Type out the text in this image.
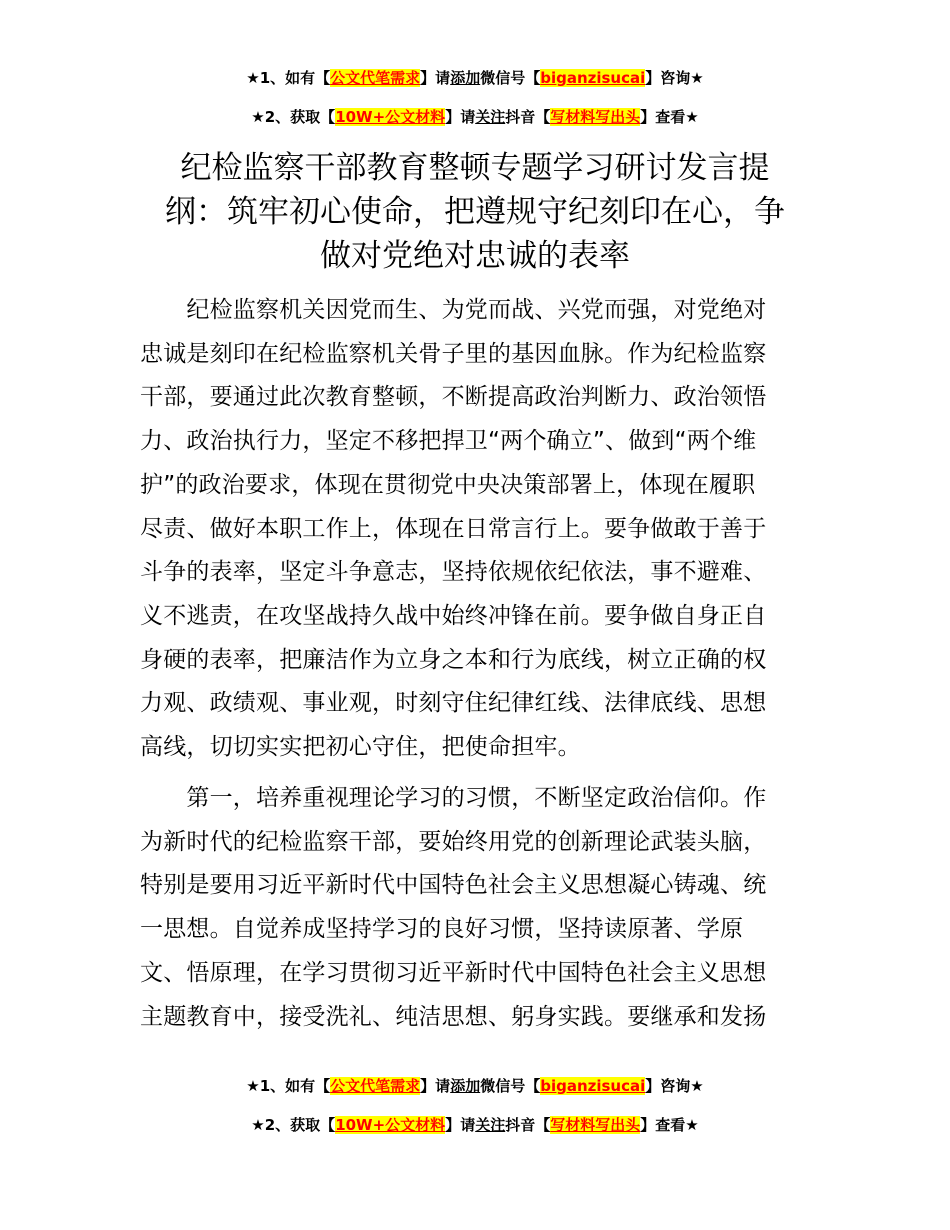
★1、如有【公文代笔需求】请添加微信号【biganzisucai】咨询★
★2、获取【10W+公文材料】请关注抖音【写材料写出头】查看★
纪检监察干部教育整顿专题学习研讨发言提
纲：筑牢初心使命，把遵规守纪刻印在心，争
做对党绝对忠诚的表率
　　纪检监察机关因党而生、为党而战、兴党而强，对党绝对
忠诚是刻印在纪检监察机关骨子里的基因血脉。作为纪检监察
干部，要通过此次教育整顿，不断提高政治判断力、政治领悟
力、政治执行力，坚定不移把捍卫“两个确立”、做到“两个维
护”的政治要求，体现在贯彻党中央决策部署上，体现在履职
尽责、做好本职工作上，体现在日常言行上。要争做敢于善于
斗争的表率，坚定斗争意志，坚持依规依纪依法，事不避难、
义不逃责，在攻坚战持久战中始终冲锋在前。要争做自身正自
身硬的表率，把廉洁作为立身之本和行为底线，树立正确的权
力观、政绩观、事业观，时刻守住纪律红线、法律底线、思想
高线，切切实实把初心守住，把使命担牢。
　　第一，培养重视理论学习的习惯，不断坚定政治信仰。作
为新时代的纪检监察干部，要始终用党的创新理论武装头脑，
特别是要用习近平新时代中国特色社会主义思想凝心铸魂、统
一思想。自觉养成坚持学习的良好习惯，坚持读原著、学原
文、悟原理，在学习贯彻习近平新时代中国特色社会主义思想
主题教育中，接受洗礼、纯洁思想、躬身实践。要继承和发扬
★1、如有【公文代笔需求】请添加微信号【biganzisucai】咨询★
★2、获取【10W+公文材料】请关注抖音【写材料写出头】查看★
